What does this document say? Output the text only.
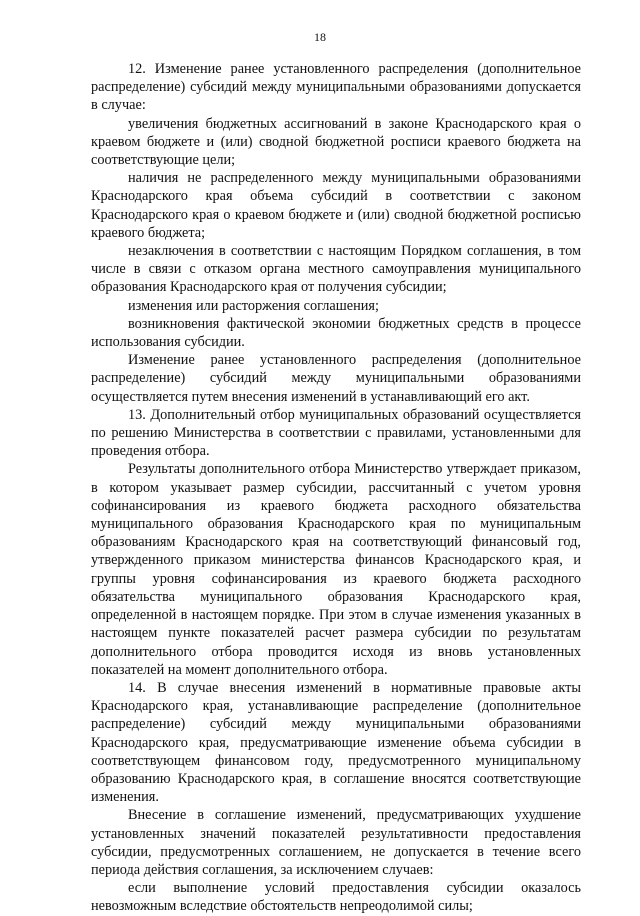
18

12. Изменение ранее установленного распределения (дополнительное распределение) субсидий между муниципальными образованиями допускается в случае:

увеличения бюджетных ассигнований в законе Краснодарского края о краевом бюджете и (или) сводной бюджетной росписи краевого бюджета на соответствующие цели;

наличия не распределенного между муниципальными образованиями Краснодарского края объема субсидий в соответствии с законом Краснодарского края о краевом бюджете и (или) сводной бюджетной росписью краевого бюджета;

незаключения в соответствии с настоящим Порядком соглашения, в том числе в связи с отказом органа местного самоуправления муниципального образования Краснодарского края от получения субсидии;

изменения или расторжения соглашения;

возникновения фактической экономии бюджетных средств в процессе использования субсидии.

Изменение ранее установленного распределения (дополнительное распределение) субсидий между муниципальными образованиями осуществляется путем внесения изменений в устанавливающий его акт.

13. Дополнительный отбор муниципальных образований осуществляется по решению Министерства в соответствии с правилами, установленными для проведения отбора.

Результаты дополнительного отбора Министерство утверждает приказом, в котором указывает размер субсидии, рассчитанный с учетом уровня софинансирования из краевого бюджета расходного обязательства муниципального образования Краснодарского края по муниципальным образованиям Краснодарского края на соответствующий финансовый год, утвержденного приказом министерства финансов Краснодарского края, и группы уровня софинансирования из краевого бюджета расходного обязательства муниципального образования Краснодарского края, определенной в настоящем порядке. При этом в случае изменения указанных в настоящем пункте показателей расчет размера субсидии по результатам дополнительного отбора проводится исходя из вновь установленных показателей на момент дополнительного отбора.

14. В случае внесения изменений в нормативные правовые акты Краснодарского края, устанавливающие распределение (дополнительное распределение) субсидий между муниципальными образованиями Краснодарского края, предусматривающие изменение объема субсидии в соответствующем финансовом году, предусмотренного муниципальному образованию Краснодарского края, в соглашение вносятся соответствующие изменения.

Внесение в соглашение изменений, предусматривающих ухудшение установленных значений показателей результативности предоставления субсидии, предусмотренных соглашением, не допускается в течение всего периода действия соглашения, за исключением случаев:

если выполнение условий предоставления субсидии оказалось невозможным вследствие обстоятельств непреодолимой силы;
